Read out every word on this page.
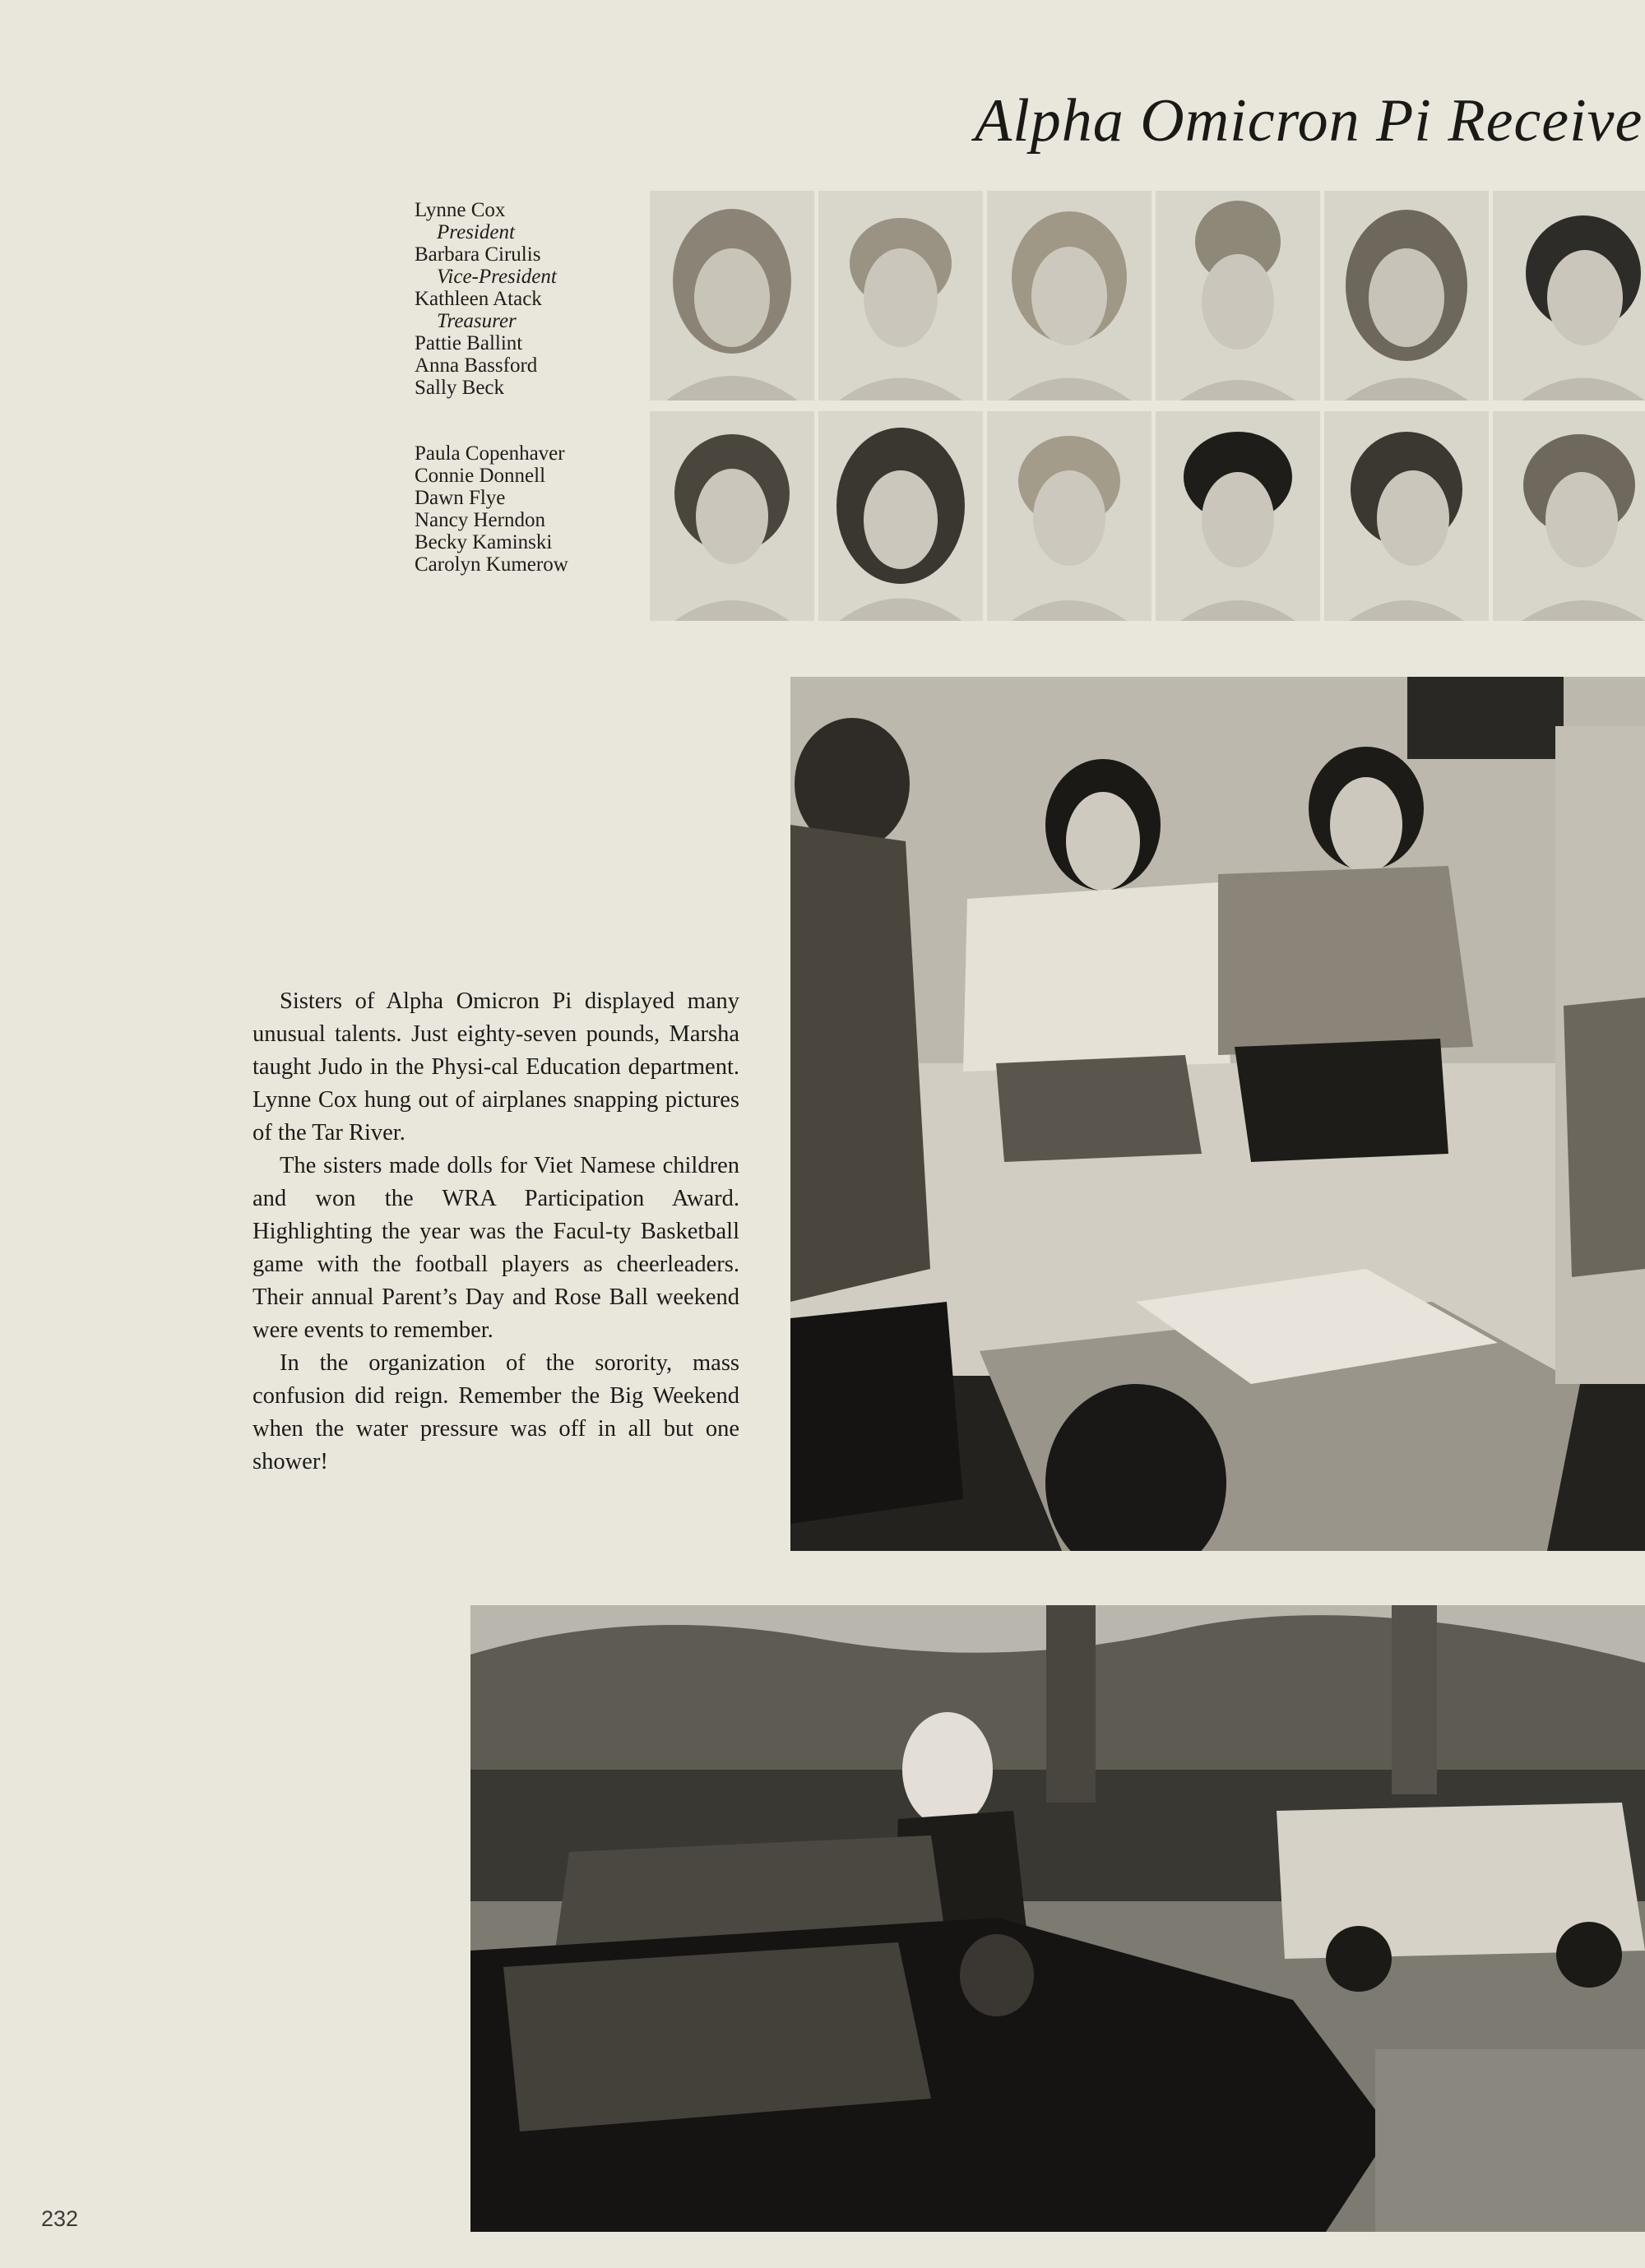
Alpha Omicron Pi Receive
Lynne Cox
President
Barbara Cirulis
Vice-President
Kathleen Atack
Treasurer
Pattie Ballint
Anna Bassford
Sally Beck
Paula Copenhaver
Connie Donnell
Dawn Flye
Nancy Herndon
Becky Kaminski
Carolyn Kumerow

Sisters of Alpha Omicron Pi displayed many unusual talents. Just eighty-seven pounds, Marsha taught Judo in the Physi-cal Education department. Lynne Cox hung out of airplanes snapping pictures of the Tar River.

The sisters made dolls for Viet Namese children and won the WRA Participation Award. Highlighting the year was the Facul-ty Basketball game with the football players as cheerleaders. Their annual Parent’s Day and Rose Ball weekend were events to remember.

In the organization of the sorority, mass confusion did reign. Remember the Big Weekend when the water pressure was off in all but one shower!

232
